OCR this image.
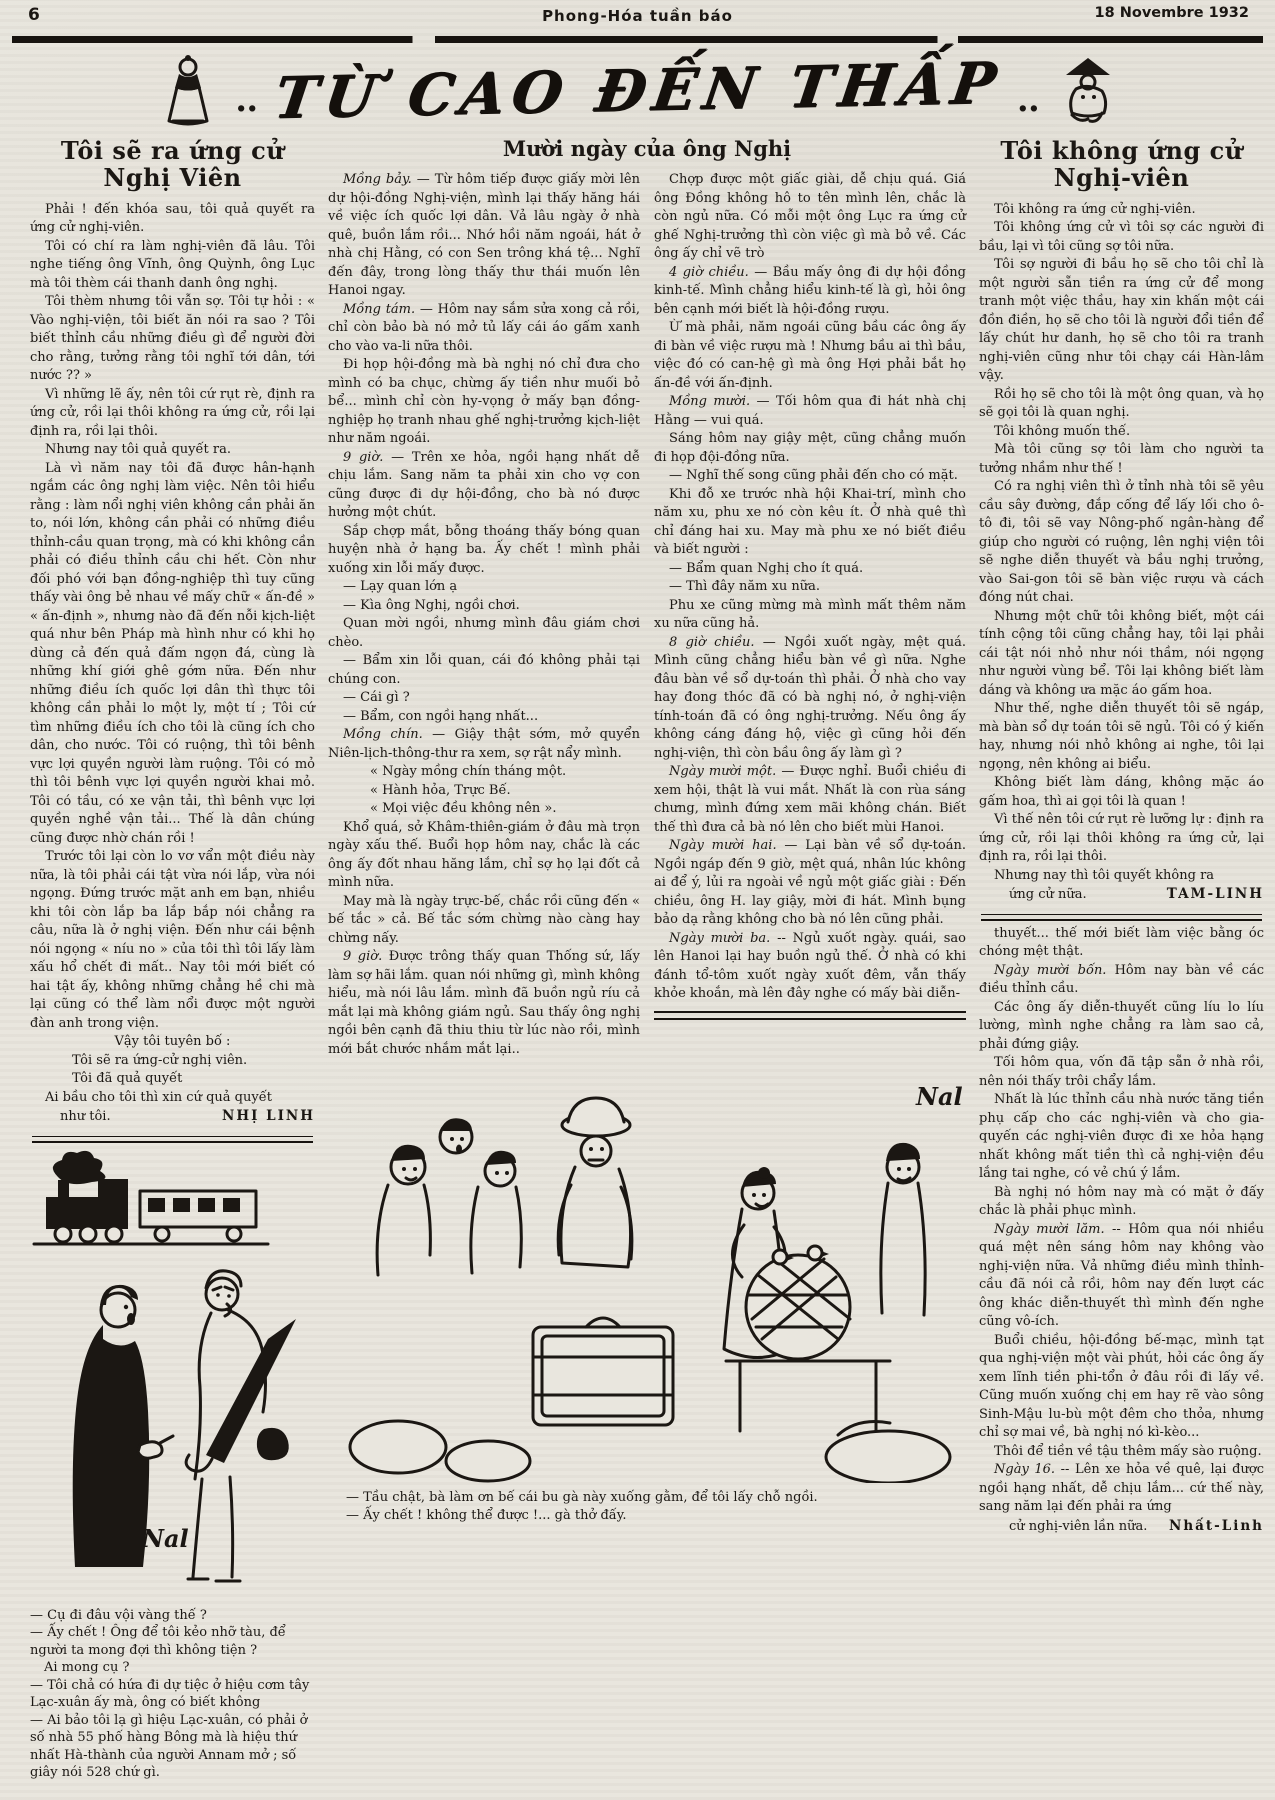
6	Phong-Hóa tuần báo	18 Novembre 1932
‥ TỪ CAO ĐẾN THẤP ‥
Tôi sẽ ra ứng cử
Nghị Viên

Phải ! đến khóa sau, tôi quả quyết ra ứng cử nghị-viên.

Tôi có chí ra làm nghị-viên đã lâu. Tôi nghe tiếng ông Vĩnh, ông Quỳnh, ông Lục mà tôi thèm cái thanh danh ông nghị.

Tôi thèm nhưng tôi vẫn sợ. Tôi tự hỏi : « Vào nghị-viện, tôi biết ăn nói ra sao ? Tôi biết thỉnh cầu những điều gì để người đời cho rằng, tưởng rằng tôi nghĩ tới dân, tới nước ?? »

Vì những lẽ ấy, nên tôi cứ rụt rè, định ra ứng cử, rồi lại thôi không ra ứng cử, rồi lại định ra, rồi lại thôi.

Nhưng nay tôi quả quyết ra.

Là vì năm nay tôi đã được hân-hạnh ngắm các ông nghị làm việc. Nên tôi hiểu rằng : làm nổi nghị viên không cần phải ăn to, nói lớn, không cần phải có những điều thỉnh-cầu quan trọng, mà có khi không cần phải có điều thỉnh cầu chi hết. Còn như đối phó với bạn đồng-nghiệp thì tuy cũng thấy vài ông bẻ nhau về mấy chữ « ấn-đề » « ấn-định », nhưng nào đã đến nỗi kịch-liệt quá như bên Pháp mà hình như có khi họ dùng cả đến quả đấm ngọn đá, cùng là những khí giới ghê gớm nữa. Đến như những điều ích quốc lợi dân thì thực tôi không cần phải lo một ly, một tí ; Tôi cứ tìm những điều ích cho tôi là cũng ích cho dân, cho nước. Tôi có ruộng, thì tôi bênh vực lợi quyền người làm ruộng. Tôi có mỏ thì tôi bênh vực lợi quyền người khai mỏ. Tôi có tầu, có xe vận tải, thì bênh vực lợi quyền nghề vận tải... Thế là dân chúng cũng được nhờ chán rồi !

Trước tôi lại còn lo vơ vẩn một điều này nữa, là tôi phải cái tật vừa nói lắp, vừa nói ngọng. Đứng trước mặt anh em bạn, nhiều khi tôi còn lắp ba lắp bắp nói chẳng ra câu, nữa là ở nghị viện. Đến như cái bệnh nói ngọng « níu no » của tôi thì tôi lấy làm xấu hổ chết đi mất.. Nay tôi mới biết có hai tật ấy, không những chẳng hề chi mà lại cũng có thể làm nổi được một người đàn anh trong viện.

Vậy tôi tuyên bố :

Tôi sẽ ra ứng-cử nghị viên.

Tôi đã quả quyết

Ai bầu cho tôi thì xin cứ quả quyết

như tôi.	NHỊ LINH

Nal

— Cụ đi đâu vội vàng thế ?

— Ấy chết ! Ông để tôi kẻo nhỡ tàu, để người ta mong đợi thì không tiện ?

Ai mong cụ ?

— Tôi chả có hứa đi dự tiệc ở hiệu cơm tây Lạc-xuân ấy mà, ông có biết không

— Ai bảo tôi lạ gì hiệu Lạc-xuân, có phải ở số nhà 55 phố hàng Bông mà là hiệu thứ nhất Hà-thành của người Annam mở ; số giây nói 528 chứ gì.

Mười ngày của ông Nghị

Mồng bảy. — Từ hôm tiếp được giấy mời lên dự hội-đồng Nghị-viện, mình lại thấy hăng hái về việc ích quốc lợi dân. Vả lâu ngày ở nhà quê, buồn lắm rồi... Nhớ hồi năm ngoái, hát ở nhà chị Hằng, có con Sen trông khá tệ... Nghĩ đến đây, trong lòng thấy thư thái muốn lên Hanoi ngay.

Mồng tám. — Hôm nay sắm sửa xong cả rồi, chỉ còn bảo bà nó mở tủ lấy cái áo gấm xanh cho vào va-li nữa thôi.

Đi họp hội-đồng mà bà nghị nó chỉ đưa cho mình có ba chục, chừng ấy tiền như muối bỏ bể... mình chỉ còn hy-vọng ở mấy bạn đồng-nghiệp họ tranh nhau ghế nghị-trưởng kịch-liệt như năm ngoái.

9 giờ. — Trên xe hỏa, ngồi hạng nhất dễ chịu lắm. Sang năm ta phải xin cho vợ con cũng được đi dự hội-đồng, cho bà nó được hưởng một chút.

Sắp chợp mắt, bỗng thoáng thấy bóng quan huyện nhà ở hạng ba. Ấy chết ! mình phải xuống xin lỗi mấy được.

— Lạy quan lớn ạ

— Kìa ông Nghị, ngồi chơi.

Quan mời ngồi, nhưng mình đâu giám chơi chèo.

— Bẩm xin lỗi quan, cái đó không phải tại chúng con.

— Cái gì ?

— Bẩm, con ngồi hạng nhất...

Mồng chín. — Giậy thật sớm, mở quyển Niên-lịch-thông-thư ra xem, sợ rật nẩy mình.

« Ngày mồng chín tháng một.

« Hành hỏa, Trực Bế.

« Mọi việc đều không nên ».

Khổ quá, sở Khâm-thiên-giám ở đâu mà trọn ngày xấu thế. Buổi họp hôm nay, chắc là các ông ấy đốt nhau hăng lắm, chỉ sợ họ lại đốt cả mình nữa.

May mà là ngày trực-bế, chắc rồi cũng đến « bế tắc » cả. Bế tắc sớm chừng nào càng hay chừng nấy.

9 giờ. Được trông thấy quan Thống sứ, lấy làm sợ hãi lắm. quan nói những gì, mình không hiểu, mà nói lâu lắm. mình đã buồn ngủ ríu cả mắt lại mà không giám ngủ. Sau thấy ông nghị ngồi bên cạnh đã thiu thiu từ lúc nào rồi, mình mới bắt chước nhắm mắt lại..

Chợp được một giấc giài, dễ chịu quá. Giá ông Đồng không hô to tên mình lên, chắc là còn ngủ nữa. Có mỗi một ông Lục ra ứng cử ghế Nghị-trưởng thì còn việc gì mà bỏ về. Các ông ấy chỉ vẽ trò

4 giờ chiều. — Bầu mấy ông đi dự hội đồng kinh-tế. Mình chẳng hiểu kinh-tế là gì, hỏi ông bên cạnh mới biết là hội-đồng rượu.

Ừ mà phải, năm ngoái cũng bầu các ông ấy đi bàn về việc rượu mà ! Nhưng bầu ai thì bầu, việc đó có can-hệ gì mà ông Hợi phải bắt họ ấn-đề với ấn-định.

Mồng mười. — Tối hôm qua đi hát nhà chị Hằng — vui quá.

Sáng hôm nay giậy mệt, cũng chẳng muốn đi họp đội-đồng nữa.

— Nghĩ thế song cũng phải đến cho có mặt.

Khi đỗ xe trước nhà hội Khai-trí, mình cho năm xu, phu xe nó còn kêu ít. Ở nhà quê thì chỉ đáng hai xu. May mà phu xe nó biết điều và biết người :

— Bẩm quan Nghị cho ít quá.

— Thì đây năm xu nữa.

Phu xe cũng mừng mà mình mất thêm năm xu nữa cũng hả.

8 giờ chiều. — Ngồi xuốt ngày, mệt quá. Mình cũng chẳng hiểu bàn về gì nữa. Nghe đâu bàn về sổ dự-toán thì phải. Ở nhà cho vay hay đong thóc đã có bà nghị nó, ở nghị-viện tính-toán đã có ông nghị-trưởng. Nếu ông ấy không cáng đáng hộ, việc gì cũng hỏi đến nghị-viện, thì còn bầu ông ấy làm gì ?

Ngày mười một. — Được nghỉ. Buổi chiều đi xem hội, thật là vui mắt. Nhất là con rùa sáng chưng, mình đứng xem mãi không chán. Biết thế thì đưa cả bà nó lên cho biết mùi Hanoi.

Ngày mười hai. — Lại bàn về sổ dự-toán. Ngồi ngáp đến 9 giờ, mệt quá, nhân lúc không ai để ý, lủi ra ngoài về ngủ một giấc giài : Đến chiều, ông H. lay giậy, mời đi hát. Mình bụng bảo dạ rằng không cho bà nó lên cũng phải.

Ngày mười ba. -- Ngủ xuốt ngày. quái, sao lên Hanoi lại hay buồn ngủ thế. Ở nhà có khi đánh tổ-tôm xuốt ngày xuốt đêm, vẫn thấy khỏe khoắn, mà lên đây nghe có mấy bài diễn-

Nal

— Tầu chật, bà làm ơn bế cái bu gà này xuống gằm, để tôi lấy chỗ ngồi.

— Ấy chết ! không thể được !... gà thở đấy.

Tôi không ứng cử
Nghị-viên

Tôi không ra ứng cử nghị-viên.

Tôi không ứng cử vì tôi sợ các người đi bầu, lại vì tôi cũng sợ tôi nữa.

Tôi sợ người đi bầu họ sẽ cho tôi chỉ là một người sẵn tiền ra ứng cử để mong tranh một việc thầu, hay xin khấn một cái đồn điền, họ sẽ cho tôi là người đổi tiền để lấy chút hư danh, họ sẽ cho tôi ra tranh nghị-viên cũng như tôi chạy cái Hàn-lâm vậy.

Rồi họ sẽ cho tôi là một ông quan, và họ sẽ gọi tôi là quan nghị.

Tôi không muốn thế.

Mà tôi cũng sợ tôi làm cho người ta tưởng nhầm như thế !

Có ra nghị viên thì ở tỉnh nhà tôi sẽ yêu cầu sây đường, đắp cống để lấy lối cho ô-tô đi, tôi sẽ vay Nông-phố ngân-hàng để giúp cho người có ruộng, lên nghị viện tôi sẽ nghe diễn thuyết và bầu nghị trưởng, vào Sai-gon tôi sẽ bàn việc rượu và cách đóng nút chai.

Nhưng một chữ tôi không biết, một cái tính cộng tôi cũng chẳng hay, tôi lại phải cái tật nói nhỏ như nói thầm, nói ngọng như người vùng bể. Tôi lại không biết làm dáng và không ưa mặc áo gấm hoa.

Như thế, nghe diễn thuyết tôi sẽ ngáp, mà bàn sổ dự toán tôi sẽ ngủ. Tôi có ý kiến hay, nhưng nói nhỏ không ai nghe, tôi lại ngọng, nên không ai biểu.

Không biết làm dáng, không mặc áo gấm hoa, thì ai gọi tôi là quan !

Vì thế nên tôi cứ rụt rè lưỡng lự : định ra ứng cử, rồi lại thôi không ra ứng cử, lại định ra, rồi lại thôi.

Nhưng nay thì tôi quyết không ra

ứng cử nữa.	TAM-LINH

thuyết... thế mới biết làm việc bằng óc chóng mệt thật.

Ngày mười bốn. Hôm nay bàn về các điều thỉnh cầu.

Các ông ấy diễn-thuyết cũng líu lo líu lường, mình nghe chẳng ra làm sao cả, phải đứng giậy.

Tối hôm qua, vốn đã tập sẵn ở nhà rồi, nên nói thấy trôi chẩy lắm.

Nhất là lúc thỉnh cầu nhà nước tăng tiền phụ cấp cho các nghị-viên và cho gia-quyến các nghị-viên được đi xe hỏa hạng nhất không mất tiền thì cả nghị-viện đều lắng tai nghe, có vẻ chú ý lắm.

Bà nghị nó hôm nay mà có mặt ở đấy chắc là phải phục mình.

Ngày mười lăm. -- Hôm qua nói nhiều quá mệt nên sáng hôm nay không vào nghị-viện nữa. Vả những điều mình thỉnh-cầu đã nói cả rồi, hôm nay đến lượt các ông khác diễn-thuyết thì mình đến nghe cũng vô-ích.

Buổi chiều, hội-đồng bế-mạc, mình tạt qua nghị-viện một vài phút, hỏi các ông ấy xem lĩnh tiền phi-tổn ở đâu rồi đi lấy về. Cũng muốn xuống chị em hay rẽ vào sông Sinh-Mậu lu-bù một đêm cho thỏa, nhưng chỉ sợ mai về, bà nghị nó kì-kèo...

Thôi để tiền về tậu thêm mấy sào ruộng.

Ngày 16. -- Lên xe hỏa về quê, lại được ngồi hạng nhất, dễ chịu lắm... cứ thế này, sang năm lại đến phải ra ứng

cử nghị-viên lần nữa.	Nhất-Linh
